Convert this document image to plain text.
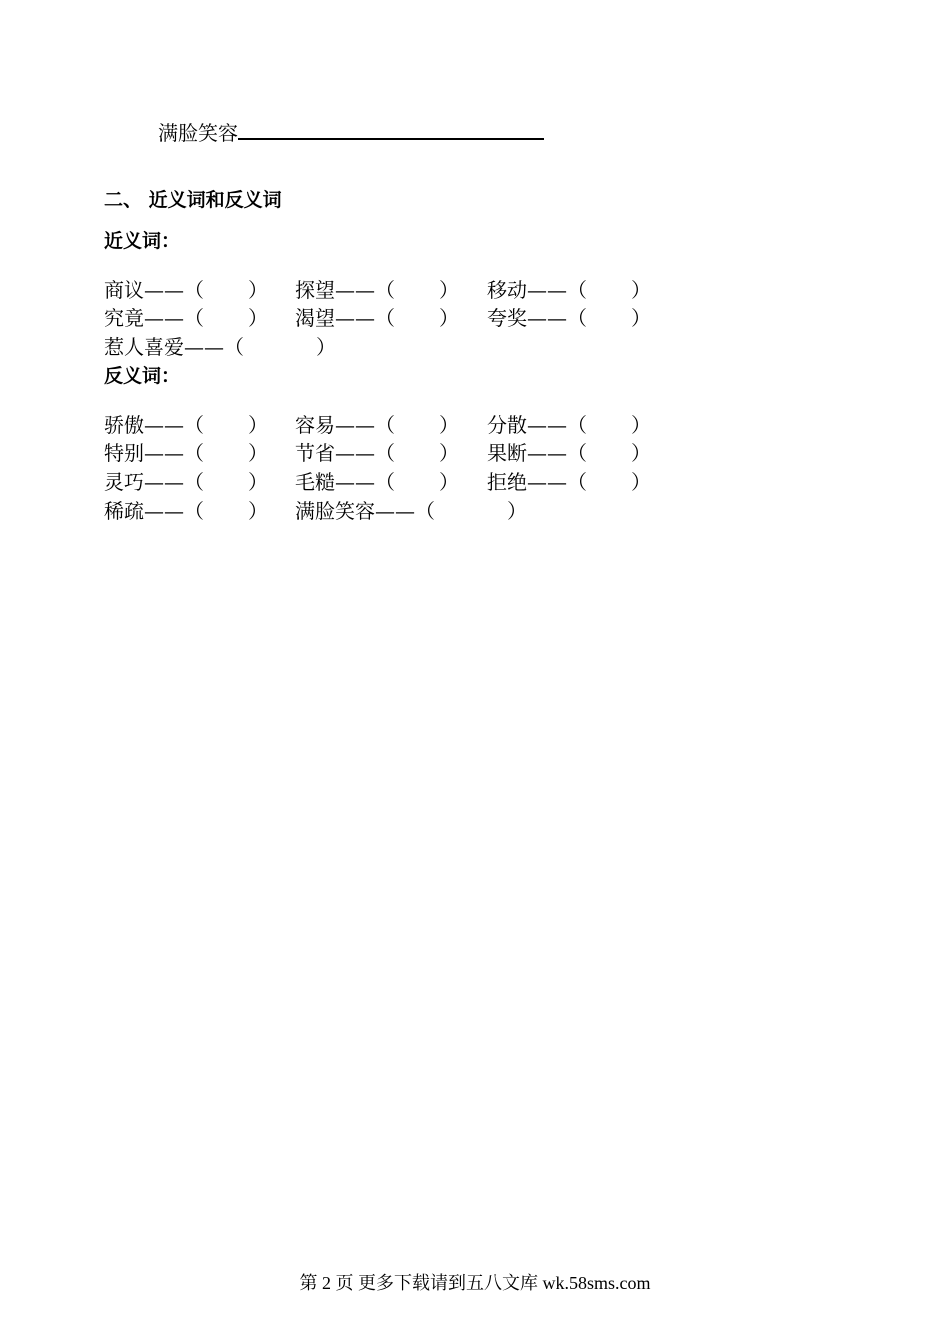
满脸笑容
二、 近义词和反义词
近义词：
商议——（ ） 探望——（ ） 移动——（ ）
究竟——（ ） 渴望——（ ） 夸奖——（ ）
惹人喜爱——（	）
反义词：
骄傲——（ ） 容易——（ ） 分散——（ ）
特别——（ ） 节省——（ ） 果断——（ ）
灵巧——（ ） 毛糙——（ ） 拒绝——（ ）
稀疏——（ ） 满脸笑容——（	）
第 2 页 更多下载请到五八文库 wk.58sms.com
